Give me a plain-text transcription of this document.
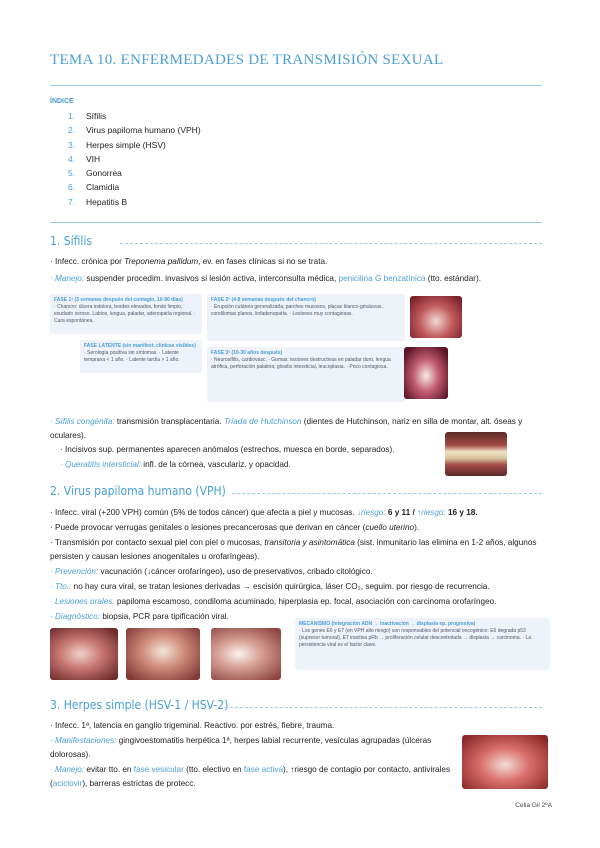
TEMA 10. ENFERMEDADES DE TRANSMISIÓN SEXUAL
ÍNDICE
1. Sífilis
2. Virus papiloma humano (VPH)
3. Herpes simple (HSV)
4. VIH
5. Gonorrea
6. Clamidia
7. Hepatitis B
1. Sífilis
· Infecc. crónica por Treponema pallidum, ev. en fases clínicas si no se trata.
· Manejo: suspender procedim. invasivos si lesión activa, interconsulta médica, penicilina G benzatínica (tto. estándar).
FASE 1ª (3 semanas después del contagio, 10-90 días)
· Chancro: úlcera indolora, bordes elevados, fondo limpio, exudado seroso. Labios, lengua, paladar, adenopatía regional. · Cura espontánea.
FASE 2ª (4-8 semanas después del chancro)
· Erupción cutánea generalizada, parches mucosos, placas blanco-grisáceas, condilomas planos, linfadenopatía. · Lesiones muy contagiosas.
FASE LATENTE (sin manifest. clínicas visibles)
· Serología positiva sin síntomas. · Latente temprana < 1 año. · Latente tardía > 1 año.
FASE 3ª (10-30 años después)
· Neurosífilis, cardiovasc. · Gomas: lesiones destructivas en paladar duro, lengua atrófica, perforación palatina; glositis intersticial, leucoplasia. · Poco contagiosa.
· Sífilis congénita: transmisión transplacentaria. Tríada de Hutchinson (dientes de Hutchinson, nariz en silla de montar, alt. óseas y oculares).
· Incisivos sup. permanentes aparecen anómalos (estrechos, muesca en borde, separados).
· Queratitis intersticial: infl. de la córnea, vasculariz. y opacidad.
2. Virus papiloma humano (VPH)
· Infecc. viral (+200 VPH) común (5% de todos cáncer) que afecta a piel y mucosas. ↓riesgo: 6 y 11 / ↑riesgo: 16 y 18.
· Puede provocar verrugas genitales o lesiones precancerosas que derivan en cáncer (cuello uterino).
· Transmisión por contacto sexual piel con piel o mucosas, transitoria y asintomática (sist. inmunitario las elimina en 1-2 años, algunos persisten y causan lesiones anogenitales u orofaríngeas).
· Prevención: vacunación (↓cáncer orofaríngeo), uso de preservativos, cribado citológico.
· Tto.: no hay cura viral, se tratan lesiones derivadas → escisión quirúrgica, láser CO₂, seguim. por riesgo de recurrencia.
· Lesiones orales: papiloma escamoso, condiloma acuminado, hiperplasia ep. focal, asociación con carcinoma orofaríngeo.
· Diagnóstico: biopsia, PCR para tipificación viral.
MECANISMO (integración ADN → inactivación → displasia ep. progresiva)
· Los genes E6 y E7 (en VPH alto riesgo) son responsables del potencial oncogénico: E6 degrada p53 (supresor tumoral), E7 inactiva pRb → proliferación celular descontrolada → displasia → carcinoma. · La persistencia viral es el factor clave.
3. Herpes simple (HSV-1 / HSV-2)
· Infecc. 1ª, latencia en ganglio trigeminal. Reactivo. por estrés, fiebre, trauma.
· Manifestaciones: gingivoestomatitis herpética 1ª, herpes labial recurrente, vesículas agrupadas (úlceras dolorosas).
· Manejo: evitar tto. en fase vesicular (tto. electivo en fase activa), ↑riesgo de contagio por contacto, antivirales (aciclovir), barreras estrictas de protecc.
Celia Gil 2ºA
